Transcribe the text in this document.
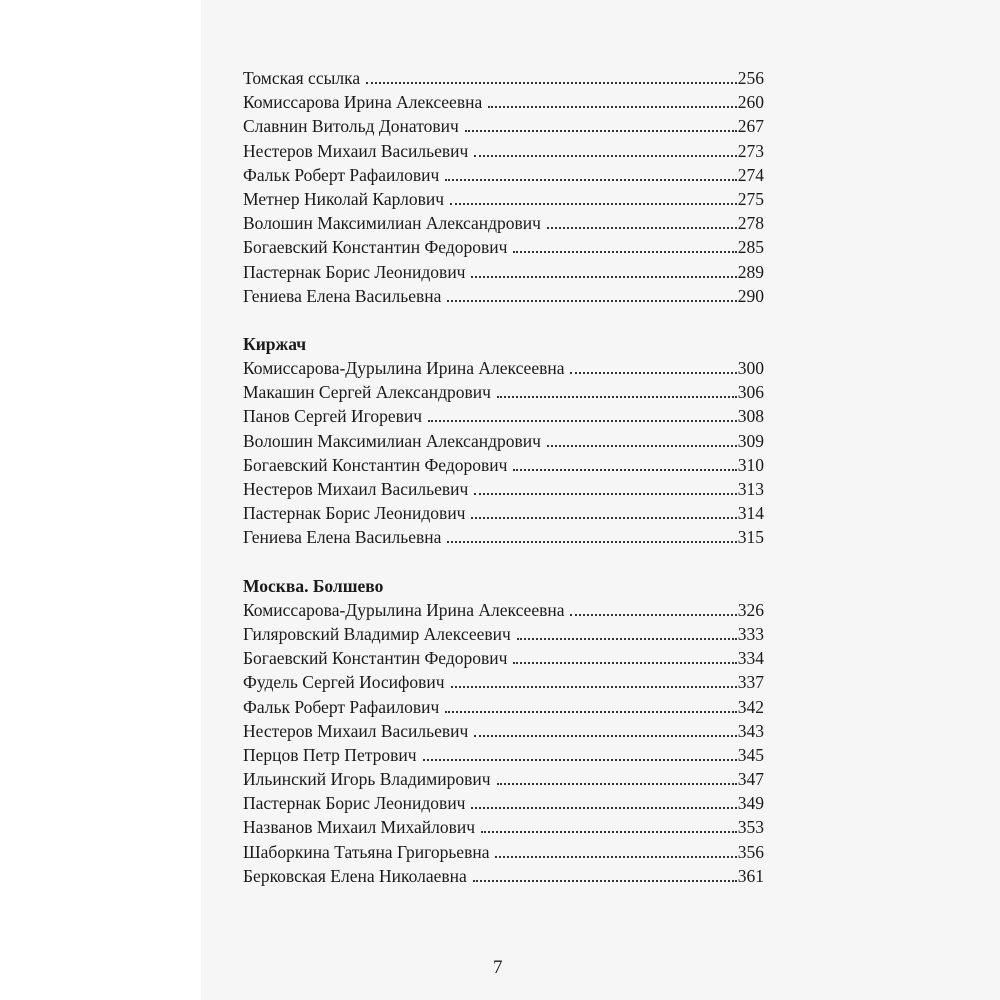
Томская ссылка	256
Комиссарова Ирина Алексеевна	260
Славнин Витольд Донатович	267
Нестеров Михаил Васильевич	273
Фальк Роберт Рафаилович	274
Метнер Николай Карлович	275
Волошин Максимилиан Александрович	278
Богаевский Константин Федорович	285
Пастернак Борис Леонидович	289
Гениева Елена Васильевна	290
Киржач
Комиссарова-Дурылина Ирина Алексеевна	300
Макашин Сергей Александрович	306
Панов Сергей Игоревич	308
Волошин Максимилиан Александрович	309
Богаевский Константин Федорович	310
Нестеров Михаил Васильевич	313
Пастернак Борис Леонидович	314
Гениева Елена Васильевна	315
Москва. Болшево
Комиссарова-Дурылина Ирина Алексеевна	326
Гиляровский Владимир Алексеевич	333
Богаевский Константин Федорович	334
Фудель Сергей Иосифович	337
Фальк Роберт Рафаилович	342
Нестеров Михаил Васильевич	343
Перцов Петр Петрович	345
Ильинский Игорь Владимирович	347
Пастернак Борис Леонидович	349
Названов Михаил Михайлович	353
Шаборкина Татьяна Григорьевна	356
Берковская Елена Николаевна	361
7
